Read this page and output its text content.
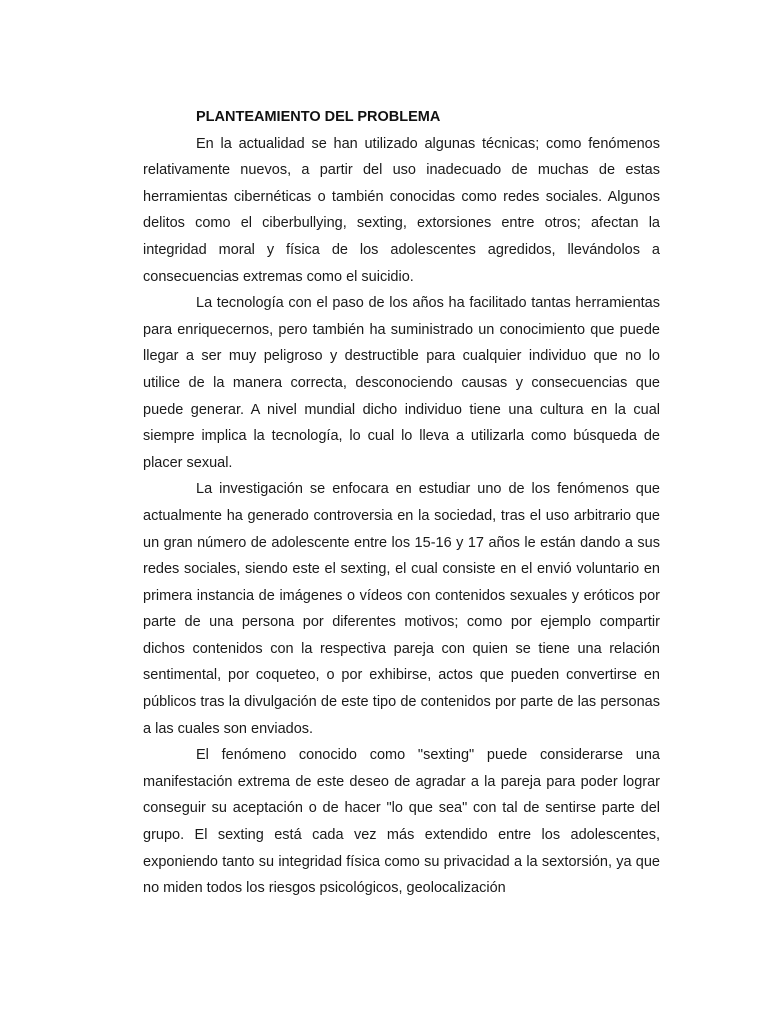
PLANTEAMIENTO DEL PROBLEMA

En la actualidad se han utilizado algunas técnicas; como fenómenos relativamente nuevos, a partir del uso inadecuado de muchas de estas herramientas cibernéticas o también conocidas como redes sociales. Algunos delitos como el ciberbullying, sexting, extorsiones entre otros; afectan la integridad moral y física de los adolescentes agredidos, llevándolos a consecuencias extremas como el suicidio.

La tecnología con el paso de los años ha facilitado tantas herramientas para enriquecernos, pero también ha suministrado un conocimiento que puede llegar a ser muy peligroso y destructible para cualquier individuo que no lo utilice de la manera correcta, desconociendo causas y consecuencias que puede generar. A nivel mundial dicho individuo tiene una cultura en la cual siempre implica la tecnología, lo cual lo lleva a utilizarla como búsqueda de placer sexual.

La investigación se enfocara en estudiar uno de los fenómenos que actualmente ha generado controversia en la sociedad, tras el uso arbitrario que un gran número de adolescente entre los 15-16 y 17 años le están dando a sus redes sociales, siendo este el sexting, el cual consiste en el envió voluntario en primera instancia de imágenes o vídeos con contenidos sexuales y eróticos por parte de una persona por diferentes motivos; como por ejemplo compartir dichos contenidos con la respectiva pareja con quien se tiene una relación sentimental, por coqueteo, o por exhibirse, actos que pueden convertirse en públicos tras la divulgación de este tipo de contenidos por parte de las personas a las cuales son enviados.

El fenómeno conocido como "sexting" puede considerarse una manifestación extrema de este deseo de agradar a la pareja para poder lograr conseguir su aceptación o de hacer "lo que sea" con tal de sentirse parte del grupo. El sexting está cada vez más extendido entre los adolescentes, exponiendo tanto su integridad física como su privacidad a la sextorsión, ya que no miden todos los riesgos psicológicos, geolocalización
